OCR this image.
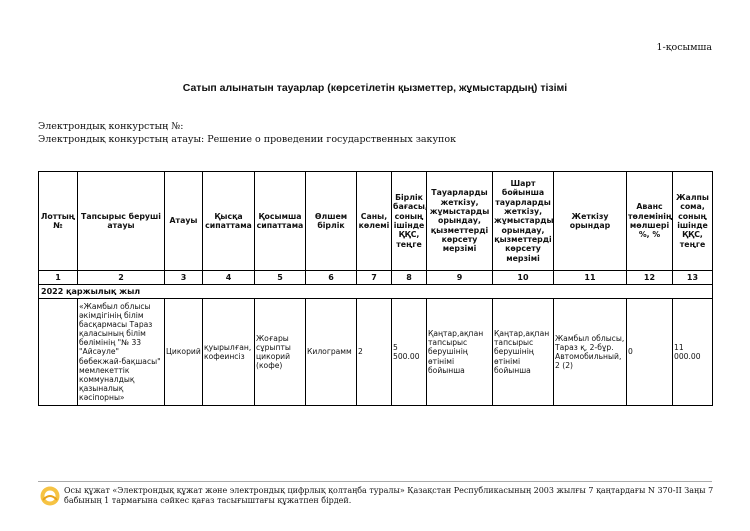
1-қосымша
Сатып алынатын тауарлар (көрсетілетін қызметтер, жұмыстардың) тізімі
Электрондық конкурстың №:
Электрондық конкурстың атауы: Решение о проведении государственных закупок
Лоттың №	Тапсырыс беруші атауы	Атауы	Қысқа сипаттама	Қосымша сипаттама	Өлшем бірлік	Саны, көлемі	Бірлік бағасы, соның ішінде ҚҚС, теңге	Тауарларды жеткізу, жұмыстарды орындау, қызметтерді көрсету мерзімі	Шарт бойынша тауарларды жеткізу, жұмыстарды орындау, қызметтерді көрсету мерзімі	Жеткізу орындар	Аванс төлемінің мөлшері %, %	Жалпы сома, соның ішінде ҚҚС, теңге
1	2	3	4	5	6	7	8	9	10	11	12	13
2022 қаржылық жыл												
	«Жамбыл облысы әкімдігінің білім басқармасы Тараз қаласының білім бөлімінің "№ 33 "Айсәуле" бөбекжай-бақшасы" мемлекеттік коммуналдық қазыналық кәсіпорны»	Цикорий	қуырылған, кофеинсіз	Жоғары сұрыпты цикорий (кофе)	Килограмм	2	5 500.00	Қаңтар,ақпан тапсырыс берушінің өтінімі бойынша	Қаңтар,ақпан тапсырыс берушінің өтінімі бойынша	Жамбыл облысы, Тараз қ, 2-бұр. Автомобильный, 2 (2)	0	11 000.00
Осы құжат «Электрондық құжат және электрондық цифрлық қолтаңба туралы» Қазақстан Республикасының 2003 жылғы 7 қаңтардағы N 370-II Заңы 7 бабының 1 тармағына сәйкес қағаз тасығыштағы құжатпен бірдей.
